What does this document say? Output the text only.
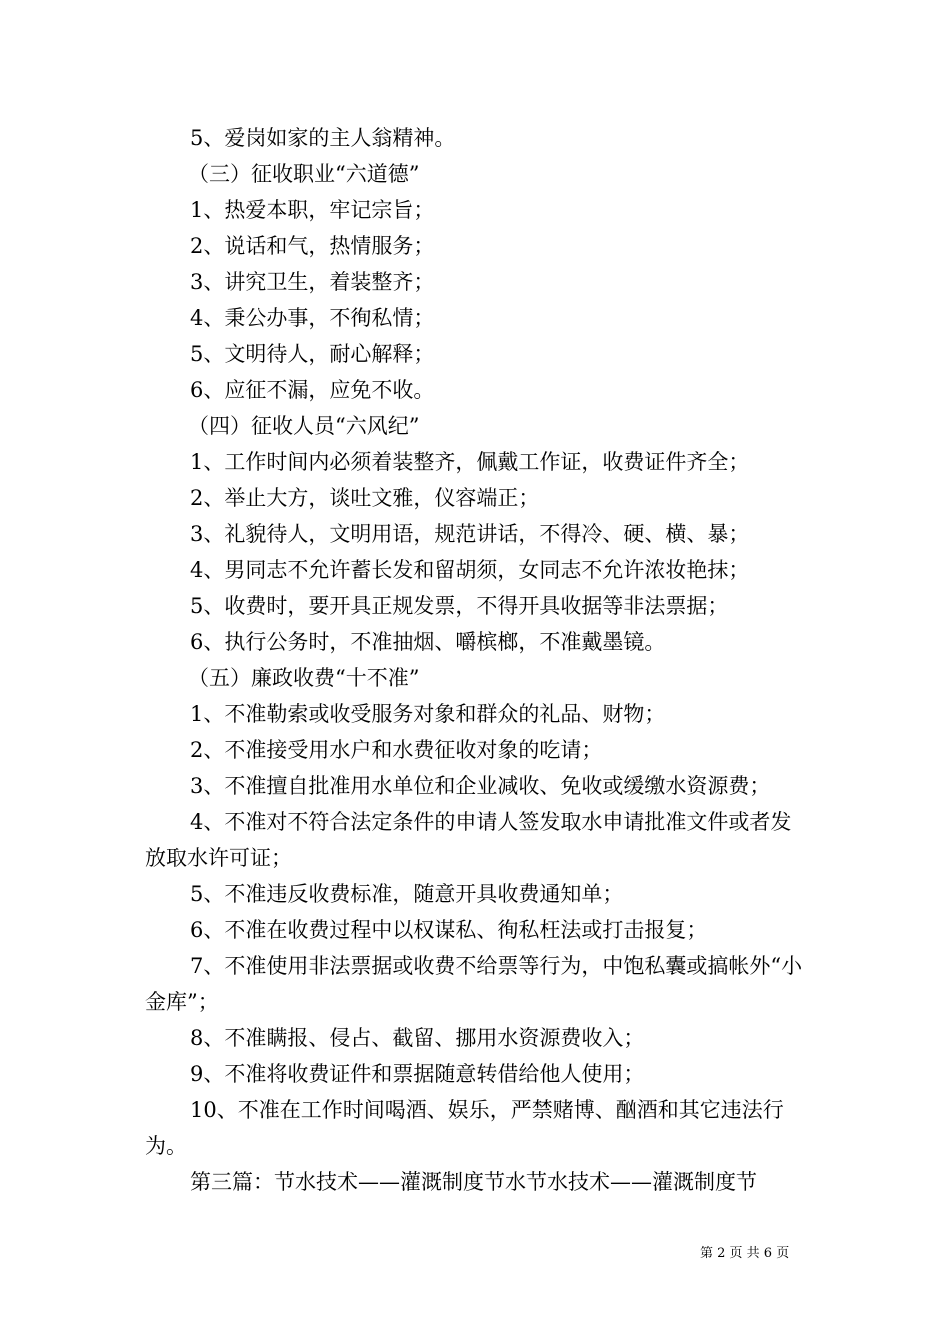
5、爱岗如家的主人翁精神。

（三）征收职业“六道德”

1、热爱本职，牢记宗旨；

2、说话和气，热情服务；

3、讲究卫生，着装整齐；

4、秉公办事，不徇私情；

5、文明待人，耐心解释；

6、应征不漏，应免不收。

（四）征收人员“六风纪”

1、工作时间内必须着装整齐，佩戴工作证，收费证件齐全；

2、举止大方，谈吐文雅，仪容端正；

3、礼貌待人，文明用语，规范讲话，不得冷、硬、横、暴；

4、男同志不允许蓄长发和留胡须，女同志不允许浓妆艳抹；

5、收费时，要开具正规发票，不得开具收据等非法票据；

6、执行公务时，不准抽烟、嚼槟榔，不准戴墨镜。

（五）廉政收费“十不准”

1、不准勒索或收受服务对象和群众的礼品、财物；

2、不准接受用水户和水费征收对象的吃请；

3、不准擅自批准用水单位和企业减收、免收或缓缴水资源费；

4、不准对不符合法定条件的申请人签发取水申请批准文件或者发放取水许可证；

5、不准违反收费标准，随意开具收费通知单；

6、不准在收费过程中以权谋私、徇私枉法或打击报复；

7、不准使用非法票据或收费不给票等行为，中饱私囊或搞帐外“小金库”；

8、不准瞒报、侵占、截留、挪用水资源费收入；

9、不准将收费证件和票据随意转借给他人使用；

10、不准在工作时间喝酒、娱乐，严禁赌博、酗酒和其它违法行为。

第三篇：节水技术——灌溉制度节水节水技术——灌溉制度节

第 2 页 共 6 页
